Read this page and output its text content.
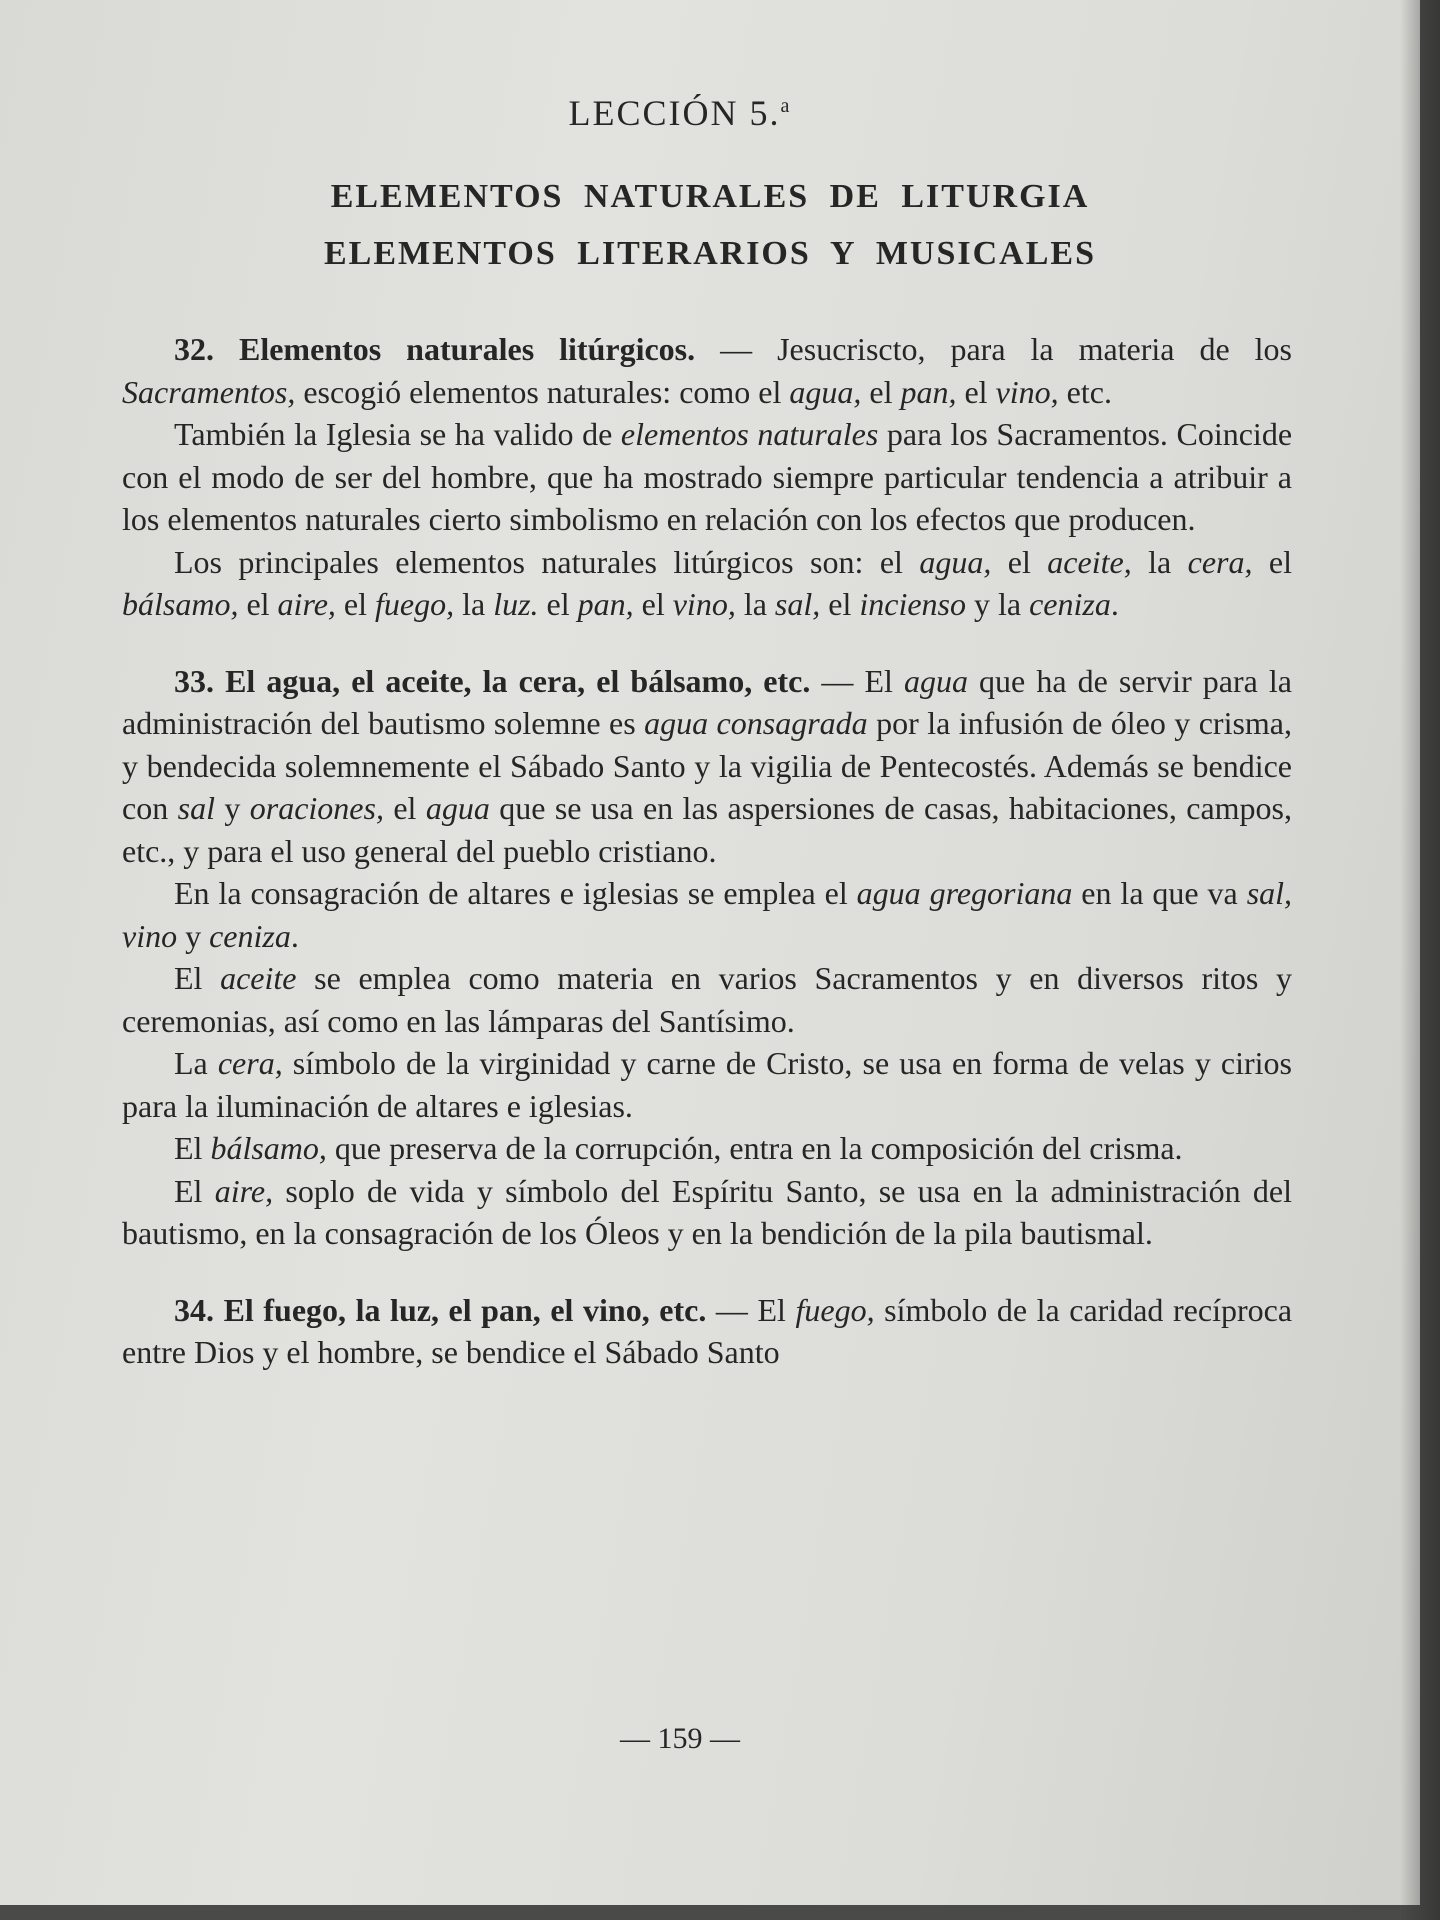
LECCIÓN 5.$^a$
ELEMENTOS NATURALES DE LITURGIA
ELEMENTOS LITERARIOS Y MUSICALES

32. Elementos naturales litúrgicos. — Jesucriscto, para la materia de los Sacramentos, escogió elementos naturales: como el agua, el pan, el vino, etc.

También la Iglesia se ha valido de elementos naturales para los Sacramentos. Coincide con el modo de ser del hombre, que ha mostrado siempre particular tendencia a atribuir a los elementos naturales cierto simbolismo en relación con los efectos que producen.

Los principales elementos naturales litúrgicos son: el agua, el aceite, la cera, el bálsamo, el aire, el fuego, la luz. el pan, el vino, la sal, el incienso y la ceniza.

33. El agua, el aceite, la cera, el bálsamo, etc. — El agua que ha de servir para la administración del bautismo solemne es agua consagrada por la infusión de óleo y crisma, y bendecida solemnemente el Sábado Santo y la vigilia de Pentecostés. Además se bendice con sal y oraciones, el agua que se usa en las aspersiones de casas, habitaciones, campos, etc., y para el uso general del pueblo cristiano.

En la consagración de altares e iglesias se emplea el agua gregoriana en la que va sal, vino y ceniza.

El aceite se emplea como materia en varios Sacramentos y en diversos ritos y ceremonias, así como en las lámparas del Santísimo.

La cera, símbolo de la virginidad y carne de Cristo, se usa en forma de velas y cirios para la iluminación de altares e iglesias.

El bálsamo, que preserva de la corrupción, entra en la composición del crisma.

El aire, soplo de vida y símbolo del Espíritu Santo, se usa en la administración del bautismo, en la consagración de los Óleos y en la bendición de la pila bautismal.

34. El fuego, la luz, el pan, el vino, etc. — El fuego, símbolo de la caridad recíproca entre Dios y el hombre, se bendice el Sábado Santo

— 159 —
